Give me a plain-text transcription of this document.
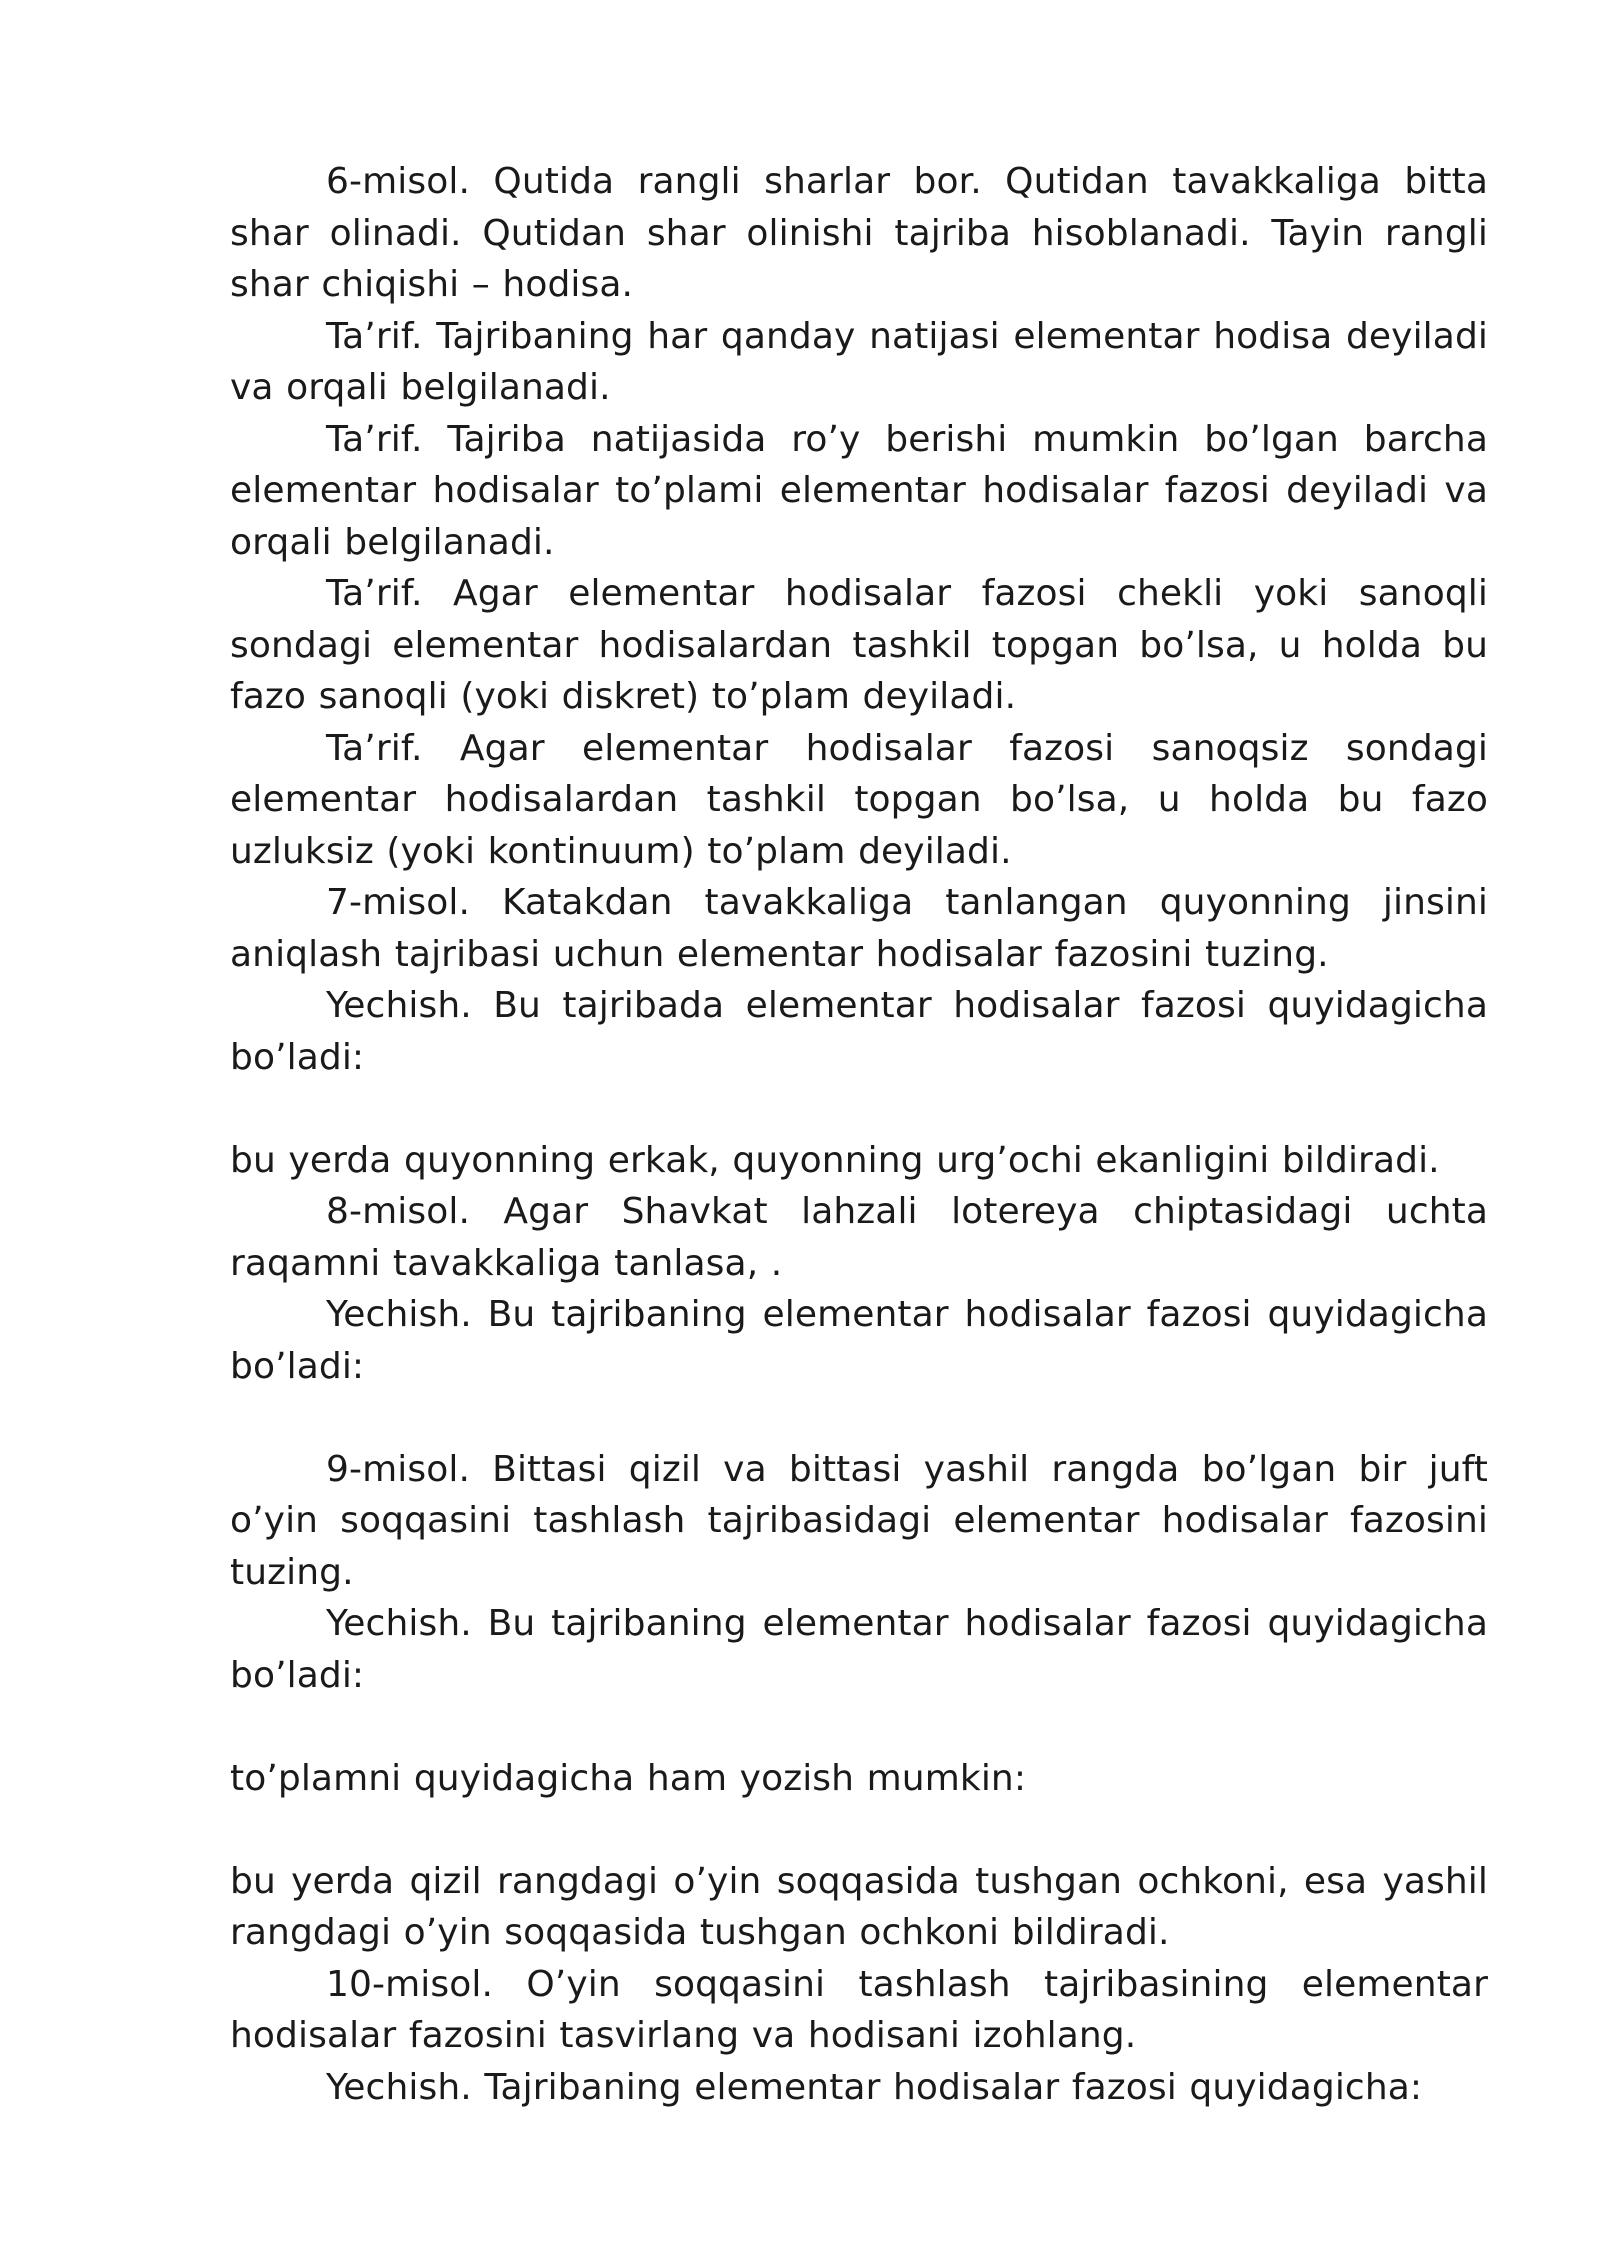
6-misol. Qutida rangli sharlar bor. Qutidan tavakkaliga bitta shar olinadi. Qutidan shar olinishi tajriba hisoblanadi. Tayin rangli shar chiqishi – hodisa.

Ta’rif. Tajribaning har qanday natijasi elementar hodisa deyiladi va orqali belgilanadi.

Ta’rif. Tajriba natijasida ro’y berishi mumkin bo’lgan barcha elementar hodisalar to’plami elementar hodisalar fazosi deyiladi va orqali belgilanadi.

Ta’rif. Agar elementar hodisalar fazosi chekli yoki sanoqli sondagi elementar hodisalardan tashkil topgan bo’lsa, u holda bu fazo sanoqli (yoki diskret) to’plam deyiladi.

Ta’rif. Agar elementar hodisalar fazosi sanoqsiz sondagi elementar hodisalardan tashkil topgan bo’lsa, u holda bu fazo uzluksiz (yoki kontinuum) to’plam deyiladi.

7-misol. Katakdan tavakkaliga tanlangan quyonning jinsini aniqlash tajribasi uchun elementar hodisalar fazosini tuzing.

Yechish. Bu tajribada elementar hodisalar fazosi quyidagicha bo’ladi:

bu yerda quyonning erkak, quyonning urg’ochi ekanligini bildiradi.

8-misol. Agar Shavkat lahzali lotereya chiptasidagi uchta raqamni tavakkaliga tanlasa, .

Yechish. Bu tajribaning elementar hodisalar fazosi quyidagicha bo’ladi:

9-misol. Bittasi qizil va bittasi yashil rangda bo’lgan bir juft o’yin soqqasini tashlash tajribasidagi elementar hodisalar fazosini tuzing.

Yechish. Bu tajribaning elementar hodisalar fazosi quyidagicha bo’ladi:

to’plamni quyidagicha ham yozish mumkin:

bu yerda qizil rangdagi o’yin soqqasida tushgan ochkoni, esa yashil rangdagi o’yin soqqasida tushgan ochkoni bildiradi.

10-misol. O’yin soqqasini tashlash tajribasining elementar hodisalar fazosini tasvirlang va hodisani izohlang.

Yechish. Tajribaning elementar hodisalar fazosi quyidagicha:
